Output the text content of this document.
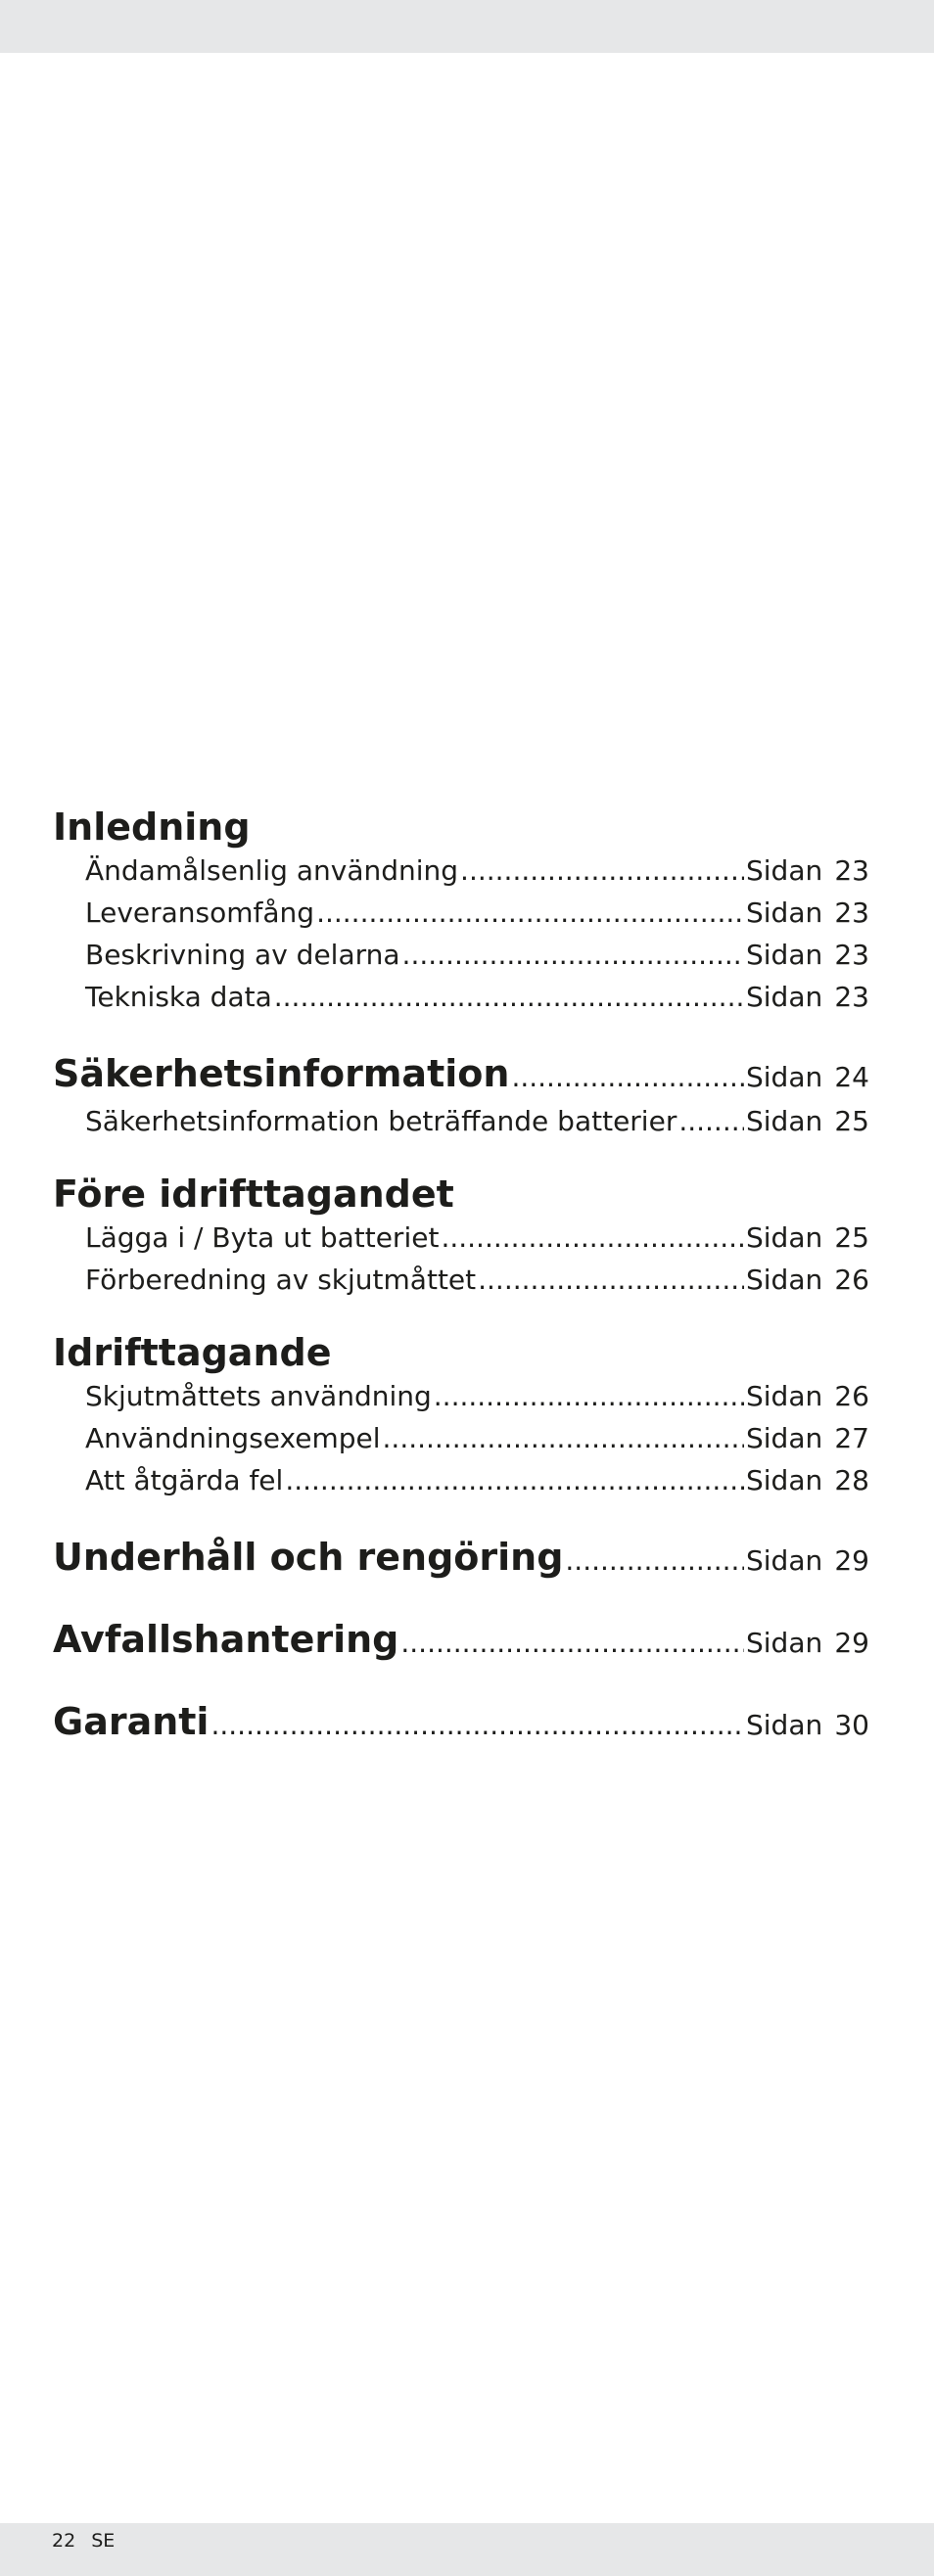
Inledning
Ändamålsenlig användning .....	Sidan 23
Leveransomfång .....	Sidan 23
Beskrivning av delarna .....	Sidan 23
Tekniska data .....	Sidan 23
Säkerhetsinformation .....	Sidan 24
Säkerhetsinformation beträffande batterier .....	Sidan 25
Före idrifttagandet
Lägga i / Byta ut batteriet .....	Sidan 25
Förberedning av skjutmåttet .....	Sidan 26
Idrifttagande
Skjutmåttets användning .....	Sidan 26
Användningsexempel .....	Sidan 27
Att åtgärda fel .....	Sidan 28
Underhåll och rengöring .....	Sidan 29
Avfallshantering .....	Sidan 29
Garanti .....	Sidan 30
22 SE
